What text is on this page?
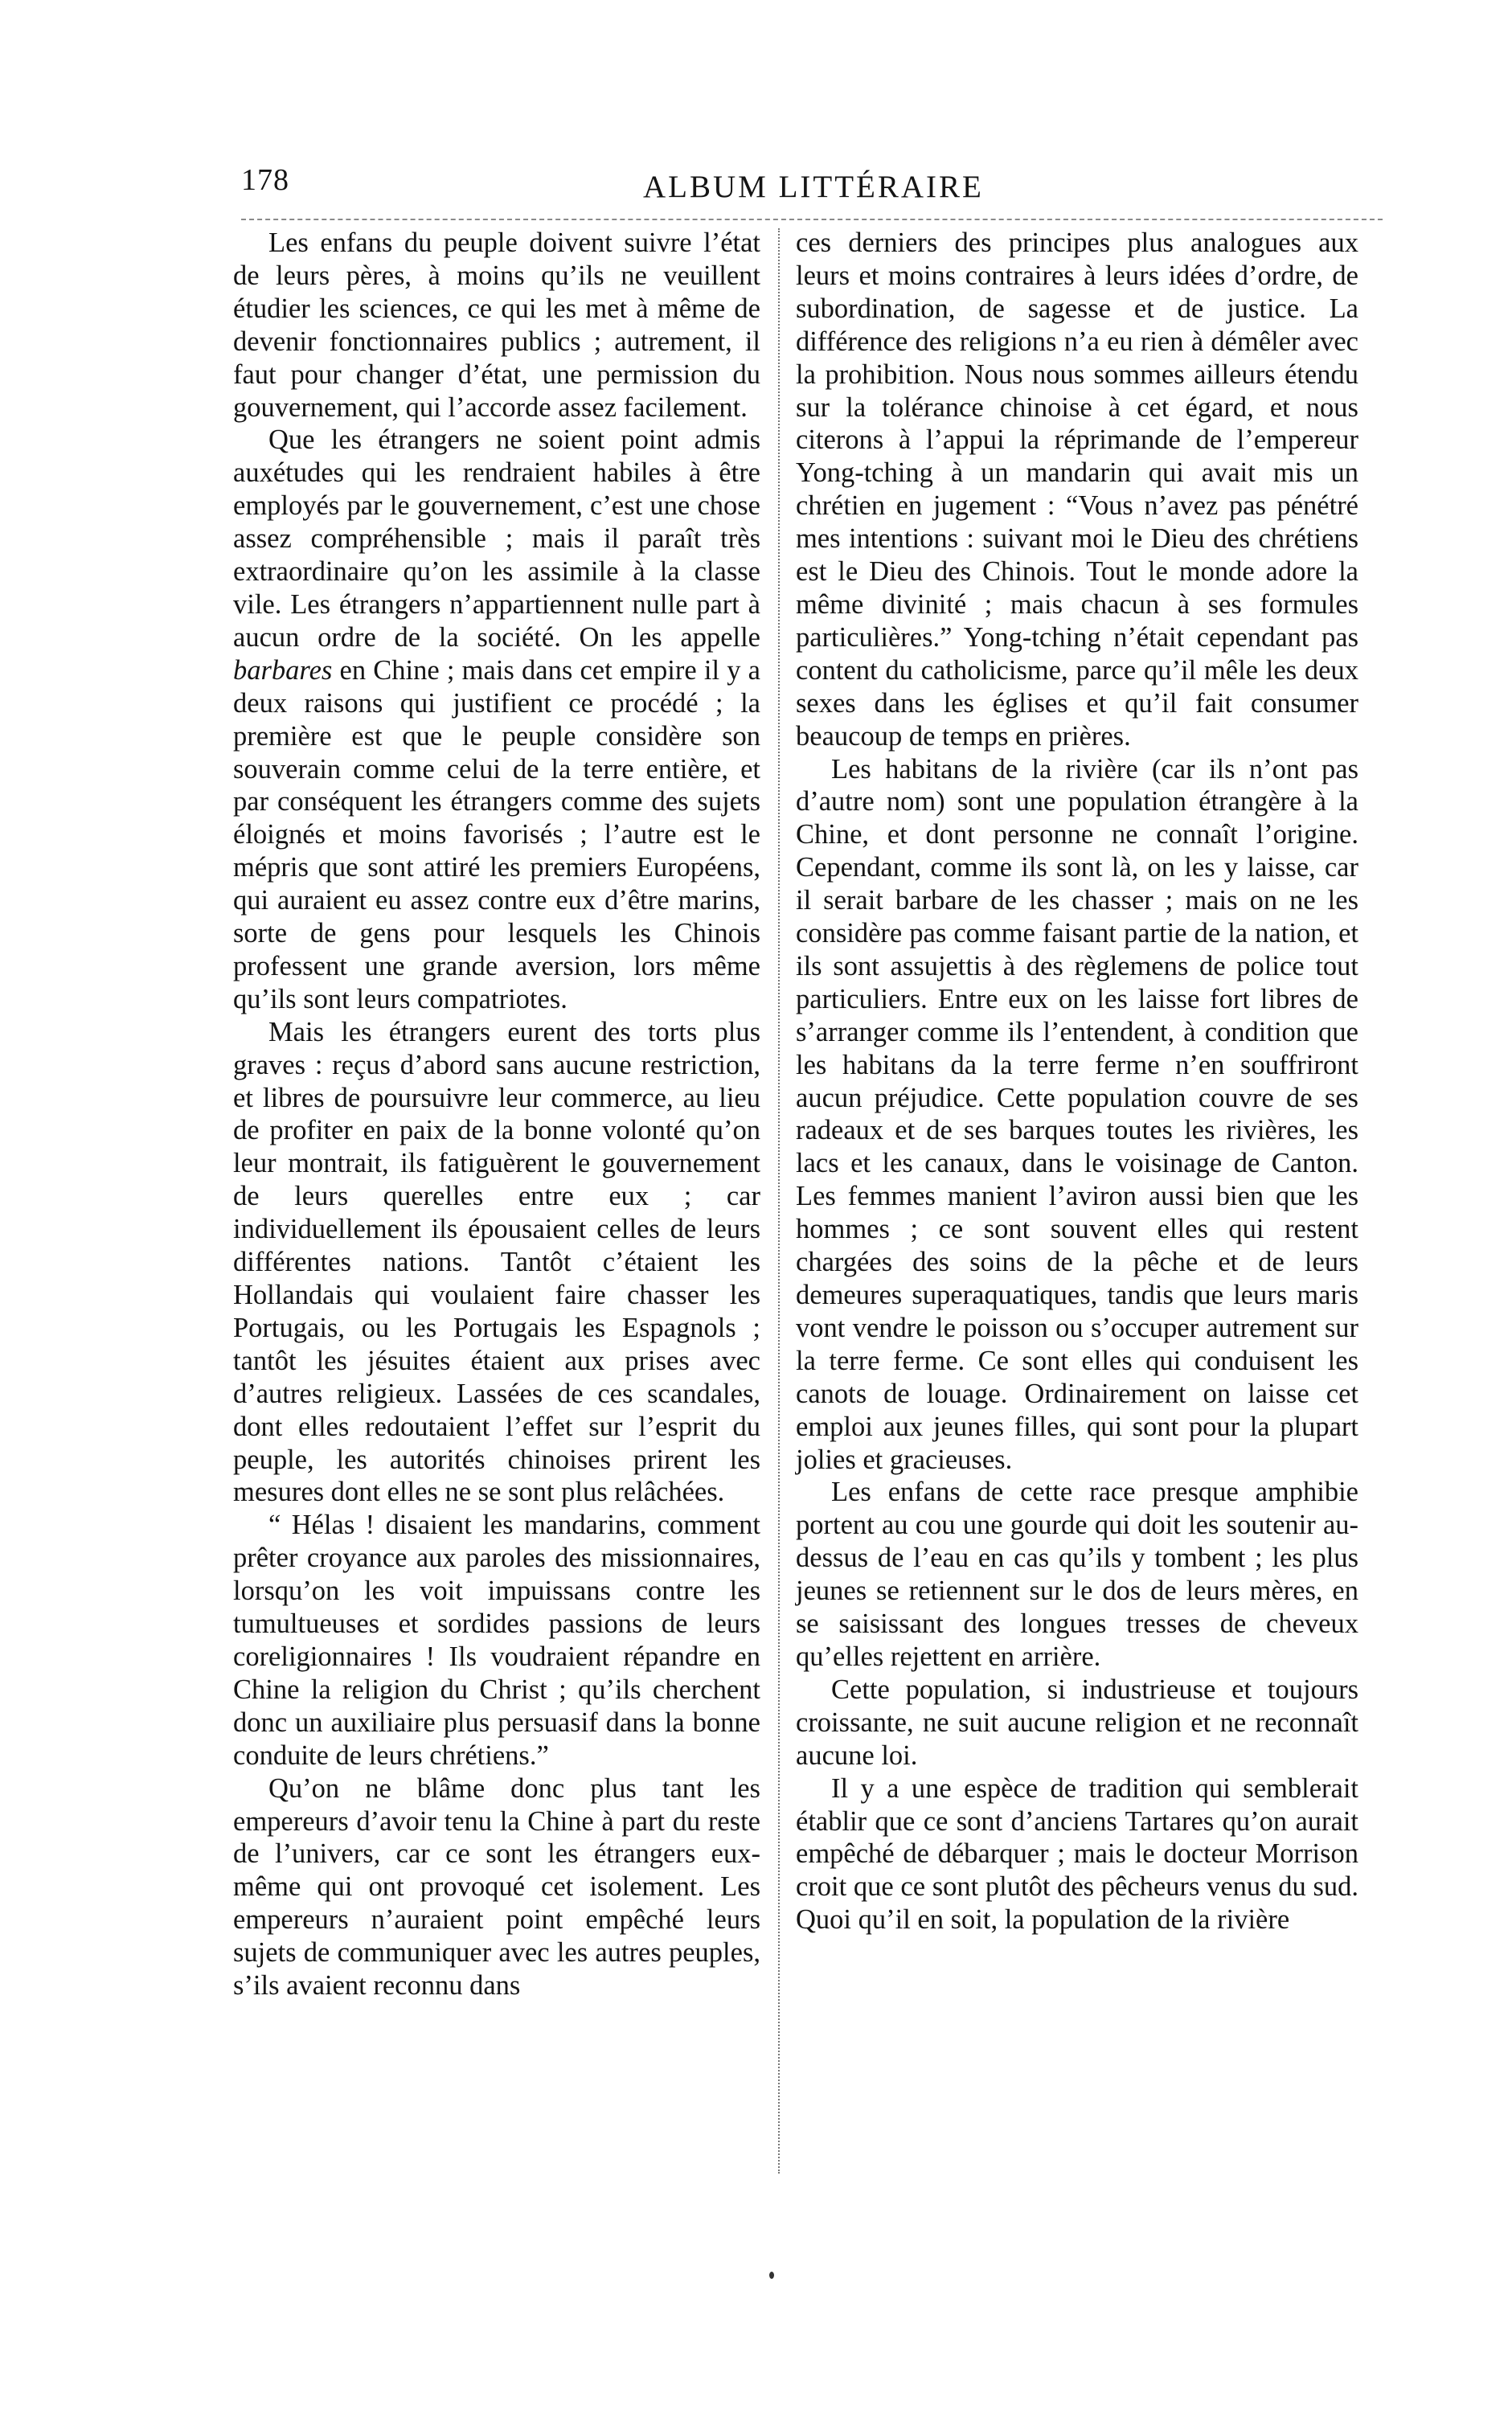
178	ALBUM LITTÉRAIRE

Les enfans du peuple doivent suivre l’état de leurs pères, à moins qu’ils ne veuillent étudier les sciences, ce qui les met à même de devenir fonctionnaires publics ; autrement, il faut pour changer d’état, une permission du gouvernement, qui l’accorde assez facilement.

Que les étrangers ne soient point admis auxétudes qui les rendraient habiles à être employés par le gouvernement, c’est une chose assez compréhensible ; mais il paraît très extraordinaire qu’on les assimile à la classe vile. Les étrangers n’appartiennent nulle part à aucun ordre de la société. On les appelle barbares en Chine ; mais dans cet empire il y a deux raisons qui justifient ce procédé ; la première est que le peuple considère son souverain comme celui de la terre entière, et par conséquent les étrangers comme des sujets éloignés et moins favorisés ; l’autre est le mépris que sont attiré les premiers Européens, qui auraient eu assez contre eux d’être marins, sorte de gens pour lesquels les Chinois professent une grande aversion, lors même qu’ils sont leurs compatriotes.

Mais les étrangers eurent des torts plus graves : reçus d’abord sans aucune restriction, et libres de poursuivre leur commerce, au lieu de profiter en paix de la bonne volonté qu’on leur montrait, ils fatiguèrent le gouvernement de leurs querelles entre eux ; car individuellement ils épousaient celles de leurs différentes nations. Tantôt c’étaient les Hollandais qui voulaient faire chasser les Portugais, ou les Portugais les Espagnols ; tantôt les jésuites étaient aux prises avec d’autres religieux. Lassées de ces scandales, dont elles redoutaient l’effet sur l’esprit du peuple, les autorités chinoises prirent les mesures dont elles ne se sont plus relâchées.

“ Hélas ! disaient les mandarins, comment prêter croyance aux paroles des missionnaires, lorsqu’on les voit impuissans contre les tumultueuses et sordides passions de leurs coreligionnaires ! Ils voudraient répandre en Chine la religion du Christ ; qu’ils cherchent donc un auxiliaire plus persuasif dans la bonne conduite de leurs chrétiens.”

Qu’on ne blâme donc plus tant les empereurs d’avoir tenu la Chine à part du reste de l’univers, car ce sont les étrangers eux-même qui ont provoqué cet isolement. Les empereurs n’auraient point empêché leurs sujets de communiquer avec les autres peuples, s’ils avaient reconnu dans

ces derniers des principes plus analogues aux leurs et moins contraires à leurs idées d’ordre, de subordination, de sagesse et de justice. La différence des religions n’a eu rien à démêler avec la prohibition. Nous nous sommes ailleurs étendu sur la tolérance chinoise à cet égard, et nous citerons à l’appui la réprimande de l’empereur Yong-tching à un mandarin qui avait mis un chrétien en jugement : “Vous n’avez pas pénétré mes intentions : suivant moi le Dieu des chrétiens est le Dieu des Chinois. Tout le monde adore la même divinité ; mais chacun à ses formules particulières.” Yong-tching n’était cependant pas content du catholicisme, parce qu’il mêle les deux sexes dans les églises et qu’il fait consumer beaucoup de temps en prières.

Les habitans de la rivière (car ils n’ont pas d’autre nom) sont une population étrangère à la Chine, et dont personne ne connaît l’origine. Cependant, comme ils sont là, on les y laisse, car il serait barbare de les chasser ; mais on ne les considère pas comme faisant partie de la nation, et ils sont assujettis à des règlemens de police tout particuliers. Entre eux on les laisse fort libres de s’arranger comme ils l’entendent, à condition que les habitans da la terre ferme n’en souffriront aucun préjudice. Cette population couvre de ses radeaux et de ses barques toutes les rivières, les lacs et les canaux, dans le voisinage de Canton. Les femmes manient l’aviron aussi bien que les hommes ; ce sont souvent elles qui restent chargées des soins de la pêche et de leurs demeures superaquatiques, tandis que leurs maris vont vendre le poisson ou s’occuper autrement sur la terre ferme. Ce sont elles qui conduisent les canots de louage. Ordinairement on laisse cet emploi aux jeunes filles, qui sont pour la plupart jolies et gracieuses.

Les enfans de cette race presque amphibie portent au cou une gourde qui doit les soutenir au-dessus de l’eau en cas qu’ils y tombent ; les plus jeunes se retiennent sur le dos de leurs mères, en se saisissant des longues tresses de cheveux qu’elles rejettent en arrière.

Cette population, si industrieuse et toujours croissante, ne suit aucune religion et ne reconnaît aucune loi.

Il y a une espèce de tradition qui semblerait établir que ce sont d’anciens Tartares qu’on aurait empêché de débarquer ; mais le docteur Morrison croit que ce sont plutôt des pêcheurs venus du sud. Quoi qu’il en soit, la population de la rivière
